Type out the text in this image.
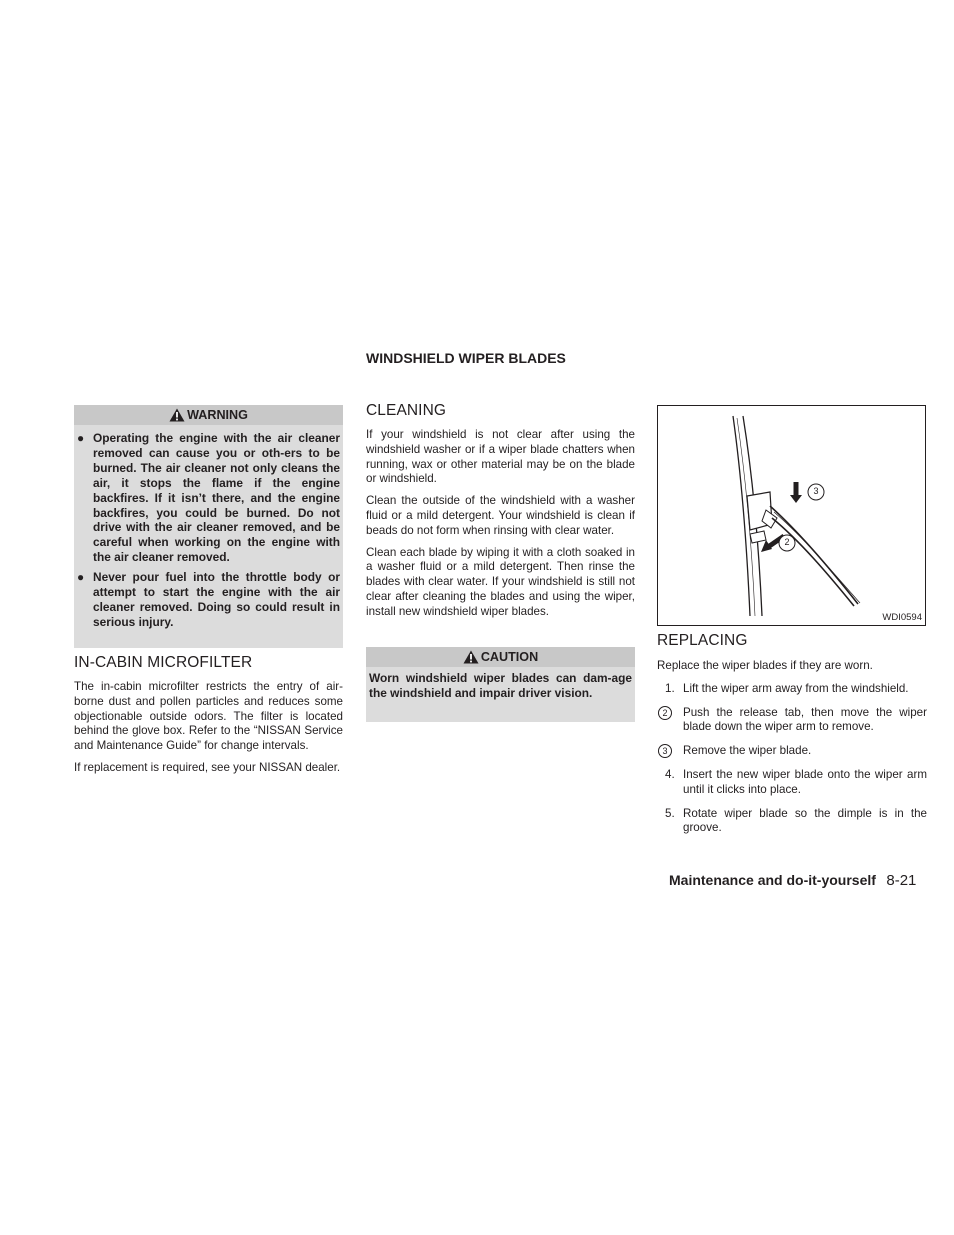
WINDSHIELD WIPER BLADES
WARNING
● Operating the engine with the air cleaner removed can cause you or oth-ers to be burned. The air cleaner not only cleans the air, it stops the flame if the engine backfires. If it isn’t there, and the engine backfires, you could be burned. Do not drive with the air cleaner removed, and be careful when working on the engine with the air cleaner removed.
● Never pour fuel into the throttle body or attempt to start the engine with the air cleaner removed. Doing so could result in serious injury.
IN-CABIN MICROFILTER

The in-cabin microfilter restricts the entry of air-borne dust and pollen particles and reduces some objectionable outside odors. The filter is located behind the glove box. Refer to the “NISSAN Service and Maintenance Guide” for change intervals.

If replacement is required, see your NISSAN dealer.

CLEANING

If your windshield is not clear after using the windshield washer or if a wiper blade chatters when running, wax or other material may be on the blade or windshield.

Clean the outside of the windshield with a washer fluid or a mild detergent. Your windshield is clean if beads do not form when rinsing with clear water.

Clean each blade by wiping it with a cloth soaked in a washer fluid or a mild detergent. Then rinse the blades with clear water. If your windshield is still not clear after cleaning the blades and using the wiper, install new windshield wiper blades.

CAUTION
Worn windshield wiper blades can dam-age the windshield and impair driver vision.
3
2
WDI0594
REPLACING

Replace the wiper blades if they are worn.

1. Lift the wiper arm away from the windshield.
2	Push the release tab, then move the wiper blade down the wiper arm to remove.
3	Remove the wiper blade.
4. Insert the new wiper blade onto the wiper arm until it clicks into place.
5. Rotate wiper blade so the dimple is in the groove.
Maintenance and do-it-yourself 8-21
